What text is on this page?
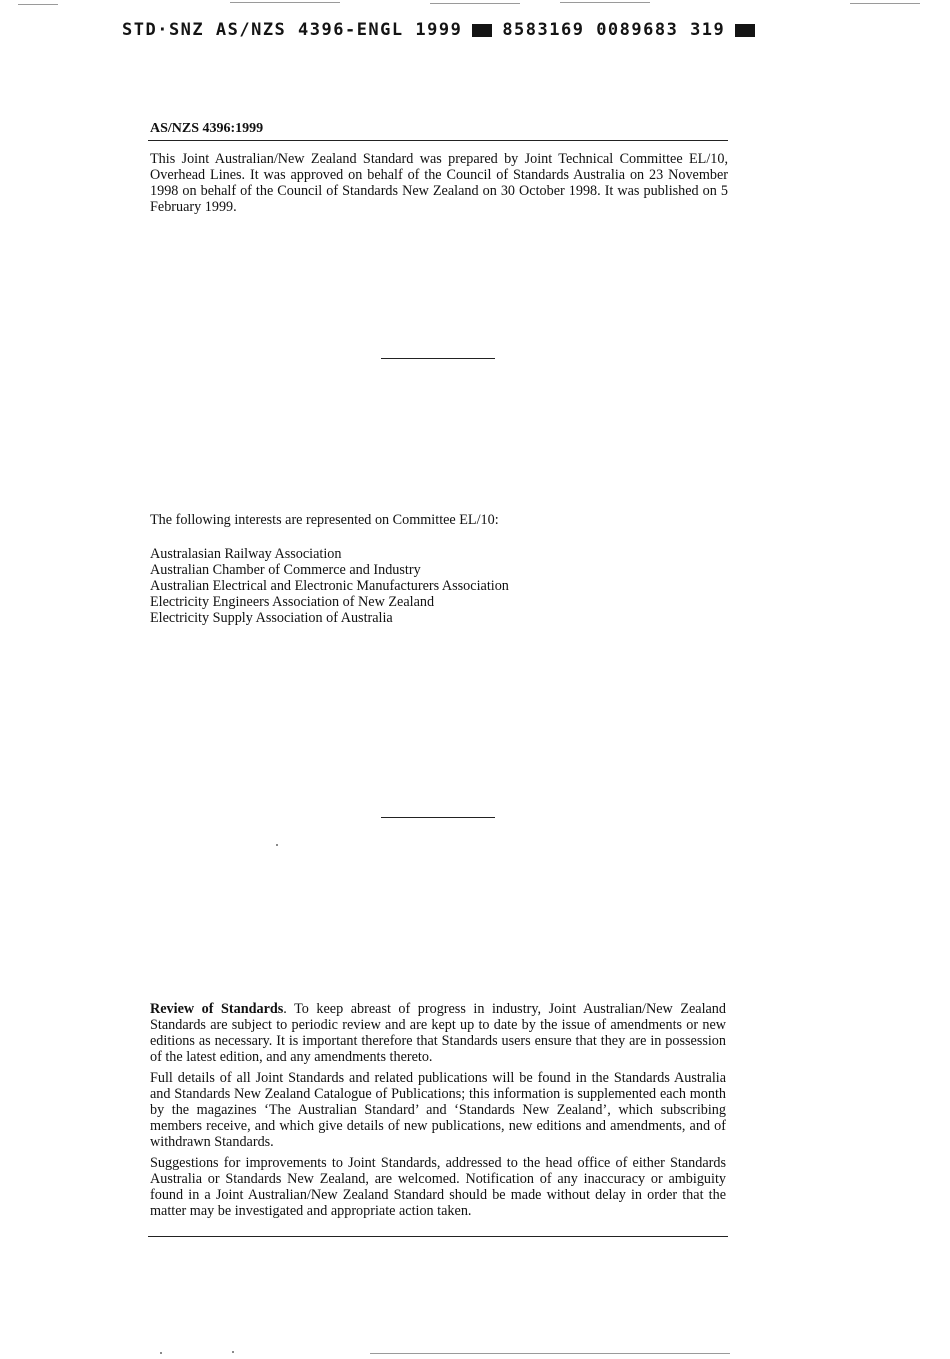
STD·SNZ AS/NZS 4396-ENGL 1999 8583169 0089683 319
AS/NZS 4396:1999

This Joint Australian/New Zealand Standard was prepared by Joint Technical Committee EL/10, Overhead Lines. It was approved on behalf of the Council of Standards Australia on 23 November 1998 on behalf of the Council of Standards New Zealand on 30 October 1998. It was published on 5 February 1999.

The following interests are represented on Committee EL/10:

Australasian Railway Association
Australian Chamber of Commerce and Industry
Australian Electrical and Electronic Manufacturers Association
Electricity Engineers Association of New Zealand
Electricity Supply Association of Australia

Review of Standards. To keep abreast of progress in industry, Joint Australian/New Zealand Standards are subject to periodic review and are kept up to date by the issue of amendments or new editions as necessary. It is important therefore that Standards users ensure that they are in possession of the latest edition, and any amendments thereto.

Full details of all Joint Standards and related publications will be found in the Standards Australia and Standards New Zealand Catalogue of Publications; this information is supplemented each month by the magazines ‘The Australian Standard’ and ‘Standards New Zealand’, which subscribing members receive, and which give details of new publications, new editions and amendments, and of withdrawn Standards.

Suggestions for improvements to Joint Standards, addressed to the head office of either Standards Australia or Standards New Zealand, are welcomed. Notification of any inaccuracy or ambiguity found in a Joint Australian/New Zealand Standard should be made without delay in order that the matter may be investigated and appropriate action taken.
